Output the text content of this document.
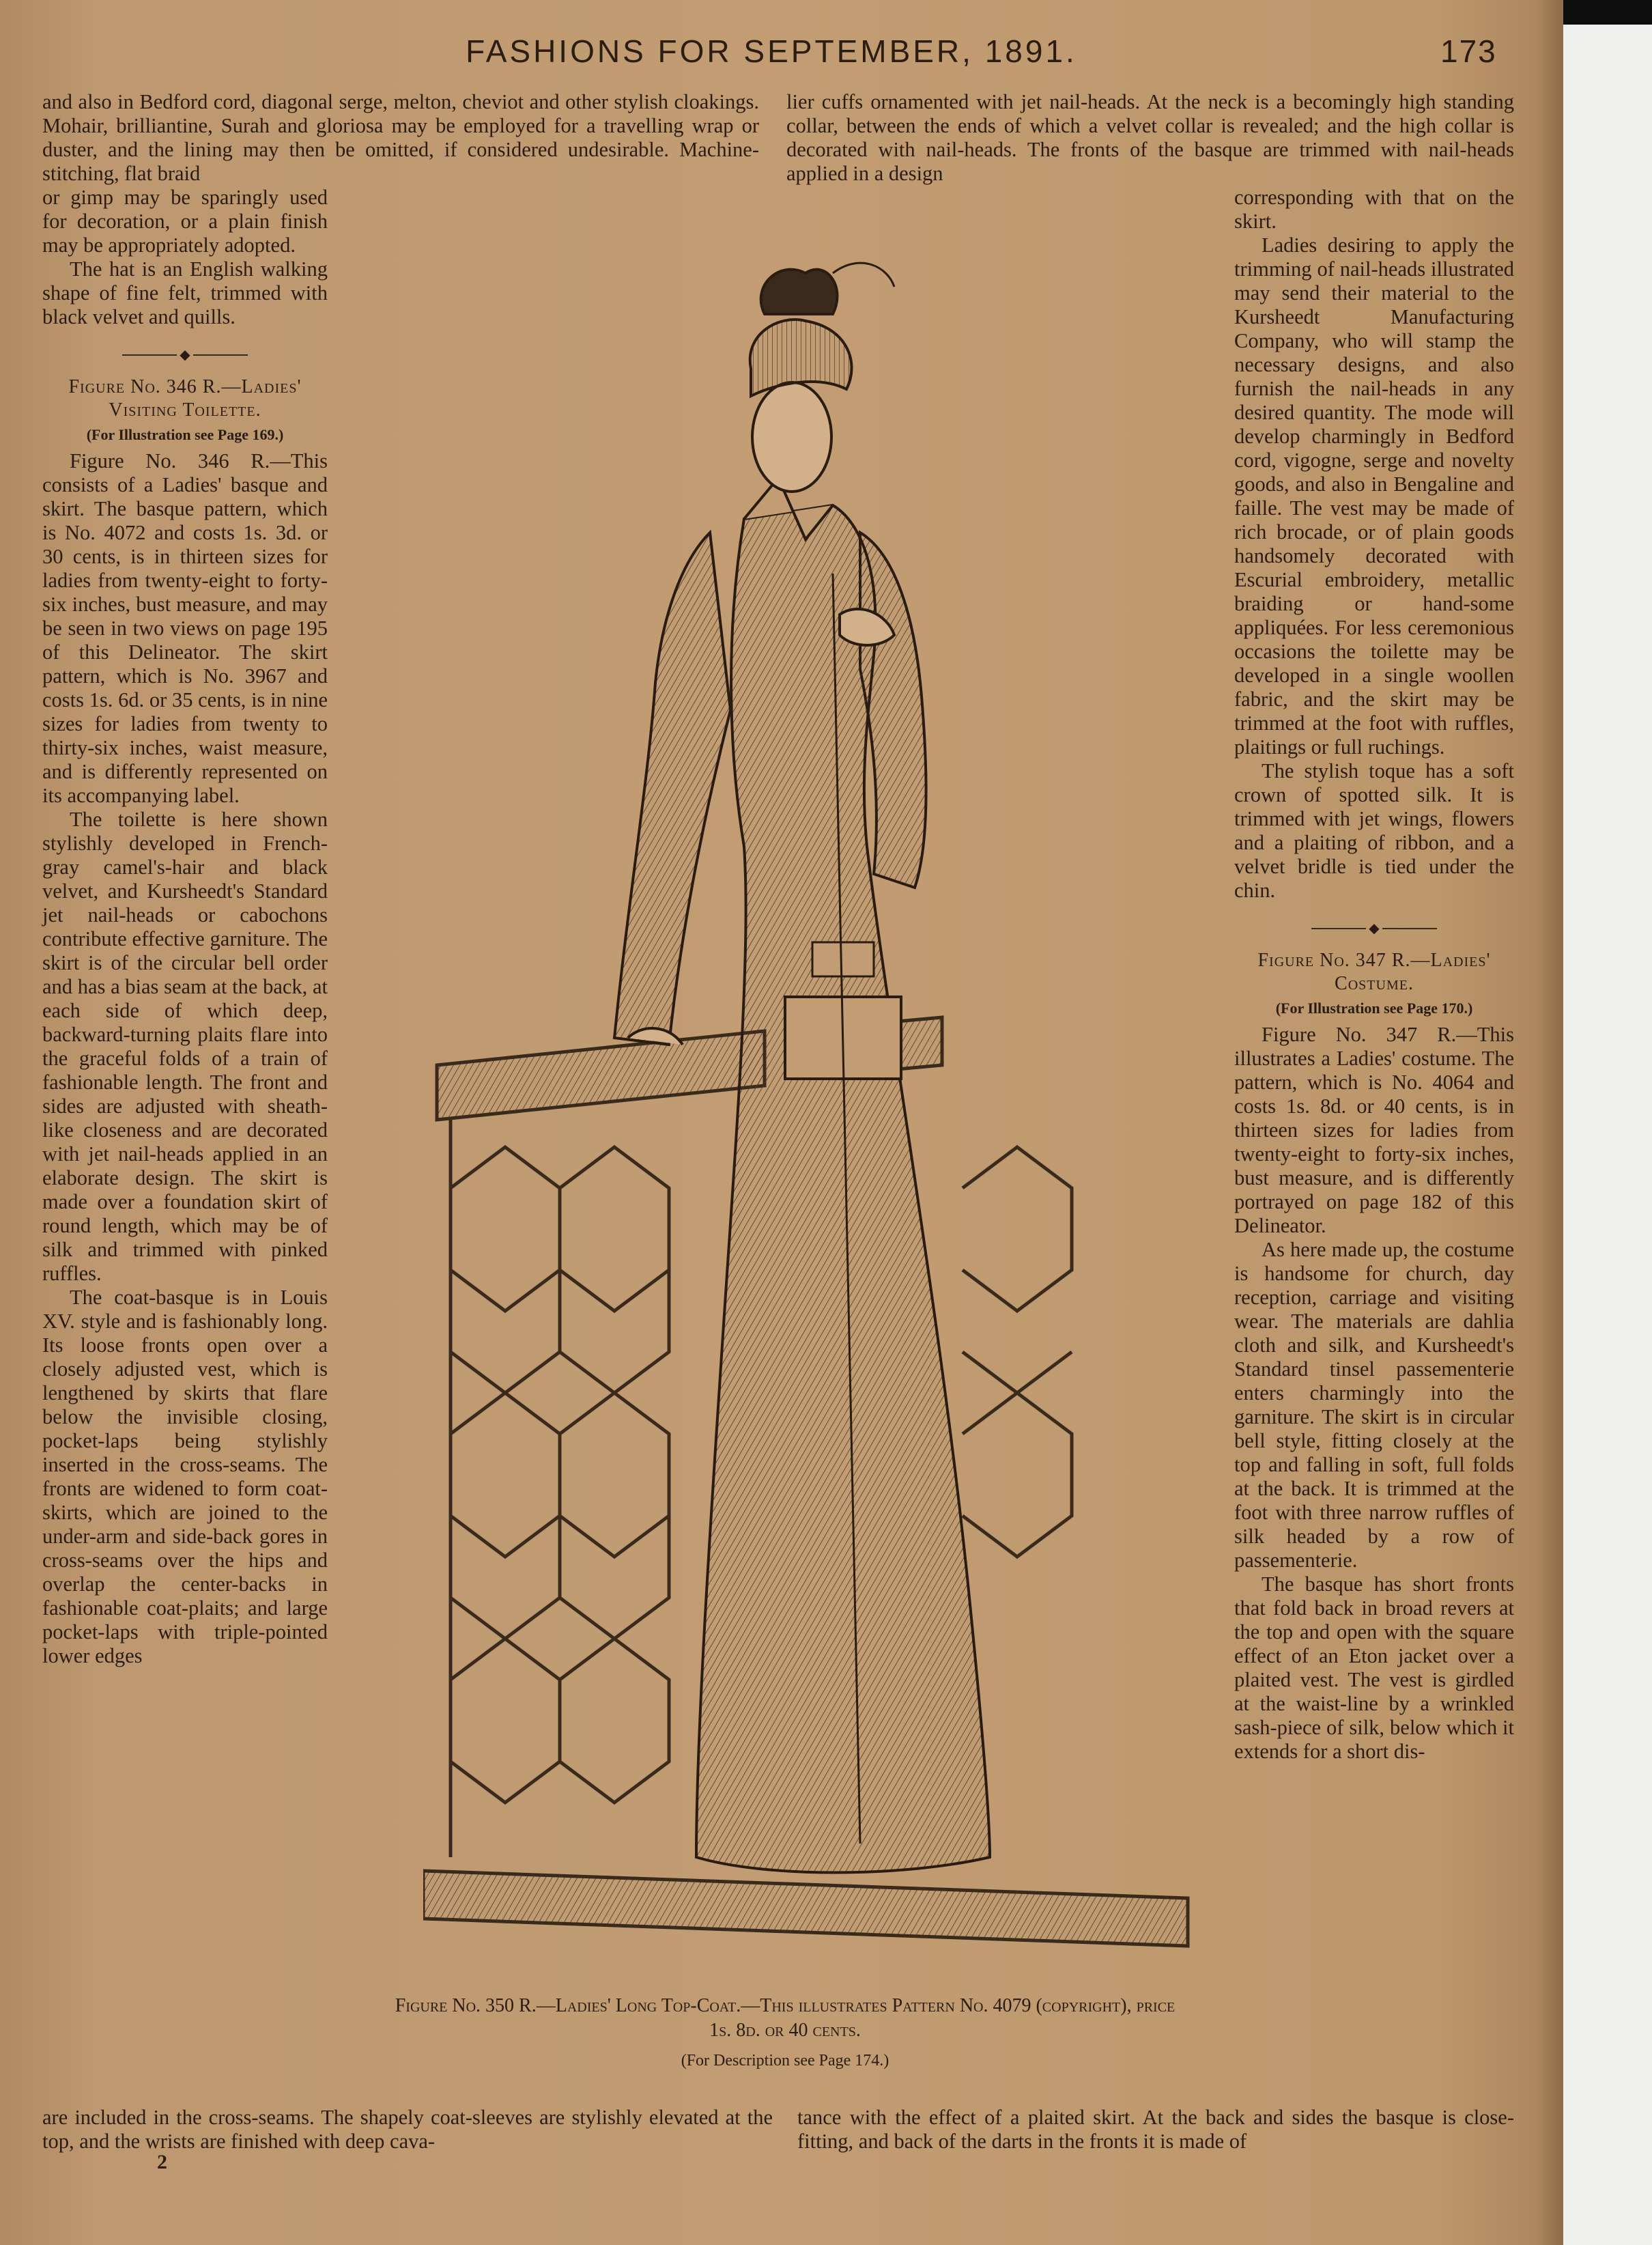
FASHIONS FOR SEPTEMBER, 1891.	173

and also in Bedford cord, diagonal serge, melton, cheviot and other stylish cloakings. Mohair, brilliantine, Surah and gloriosa may be employed for a travelling wrap or duster, and the lining may then be omitted, if considered undesirable. Machine-stitching, flat braid

lier cuffs ornamented with jet nail-heads. At the neck is a becomingly high standing collar, between the ends of which a velvet collar is revealed; and the high collar is decorated with nail-heads. The fronts of the basque are trimmed with nail-heads applied in a design

or gimp may be sparingly used for decoration, or a plain finish may be appropriately adopted.

The hat is an English walking shape of fine felt, trimmed with black velvet and quills.

◆
Figure No. 346 R.—Ladies' Visiting Toilette.
(For Illustration see Page 169.)

Figure No. 346 R.—This consists of a Ladies' basque and skirt. The basque pattern, which is No. 4072 and costs 1s. 3d. or 30 cents, is in thirteen sizes for ladies from twenty-eight to forty-six inches, bust measure, and may be seen in two views on page 195 of this Delineator. The skirt pattern, which is No. 3967 and costs 1s. 6d. or 35 cents, is in nine sizes for ladies from twenty to thirty-six inches, waist measure, and is differently represented on its accompanying label.

The toilette is here shown stylishly developed in French-gray camel's-hair and black velvet, and Kursheedt's Standard jet nail-heads or cabochons contribute effective garniture. The skirt is of the circular bell order and has a bias seam at the back, at each side of which deep, backward-turning plaits flare into the graceful folds of a train of fashionable length. The front and sides are adjusted with sheath-like closeness and are decorated with jet nail-heads applied in an elaborate design. The skirt is made over a foundation skirt of round length, which may be of silk and trimmed with pinked ruffles.

The coat-basque is in Louis XV. style and is fashionably long. Its loose fronts open over a closely adjusted vest, which is lengthened by skirts that flare below the invisible closing, pocket-laps being stylishly inserted in the cross-seams. The fronts are widened to form coat-skirts, which are joined to the under-arm and side-back gores in cross-seams over the hips and overlap the center-backs in fashionable coat-plaits; and large pocket-laps with triple-pointed lower edges

corresponding with that on the skirt.

Ladies desiring to apply the trimming of nail-heads illustrated may send their material to the Kursheedt Manufacturing Company, who will stamp the necessary designs, and also furnish the nail-heads in any desired quantity. The mode will develop charmingly in Bedford cord, vigogne, serge and novelty goods, and also in Bengaline and faille. The vest may be made of rich brocade, or of plain goods handsomely decorated with Escurial embroidery, metallic braiding or hand-some appliquées. For less ceremonious occasions the toilette may be developed in a single woollen fabric, and the skirt may be trimmed at the foot with ruffles, plaitings or full ruchings.

The stylish toque has a soft crown of spotted silk. It is trimmed with jet wings, flowers and a plaiting of ribbon, and a velvet bridle is tied under the chin.

◆
Figure No. 347 R.—Ladies' Costume.
(For Illustration see Page 170.)

Figure No. 347 R.—This illustrates a Ladies' costume. The pattern, which is No. 4064 and costs 1s. 8d. or 40 cents, is in thirteen sizes for ladies from twenty-eight to forty-six inches, bust measure, and is differently portrayed on page 182 of this Delineator.

As here made up, the costume is handsome for church, day reception, carriage and visiting wear. The materials are dahlia cloth and silk, and Kursheedt's Standard tinsel passementerie enters charmingly into the garniture. The skirt is in circular bell style, fitting closely at the top and falling in soft, full folds at the back. It is trimmed at the foot with three narrow ruffles of silk headed by a row of passementerie.

The basque has short fronts that fold back in broad revers at the top and open with the square effect of an Eton jacket over a plaited vest. The vest is girdled at the waist-line by a wrinkled sash-piece of silk, below which it extends for a short dis-

Figure No. 350 R.—Ladies' Long Top-Coat.—This illustrates Pattern No. 4079 (copyright), price 1s. 8d. or 40 cents.
(For Description see Page 174.)

are included in the cross-seams. The shapely coat-sleeves are stylishly elevated at the top, and the wrists are finished with deep cava-

tance with the effect of a plaited skirt. At the back and sides the basque is close-fitting, and back of the darts in the fronts it is made of

2
